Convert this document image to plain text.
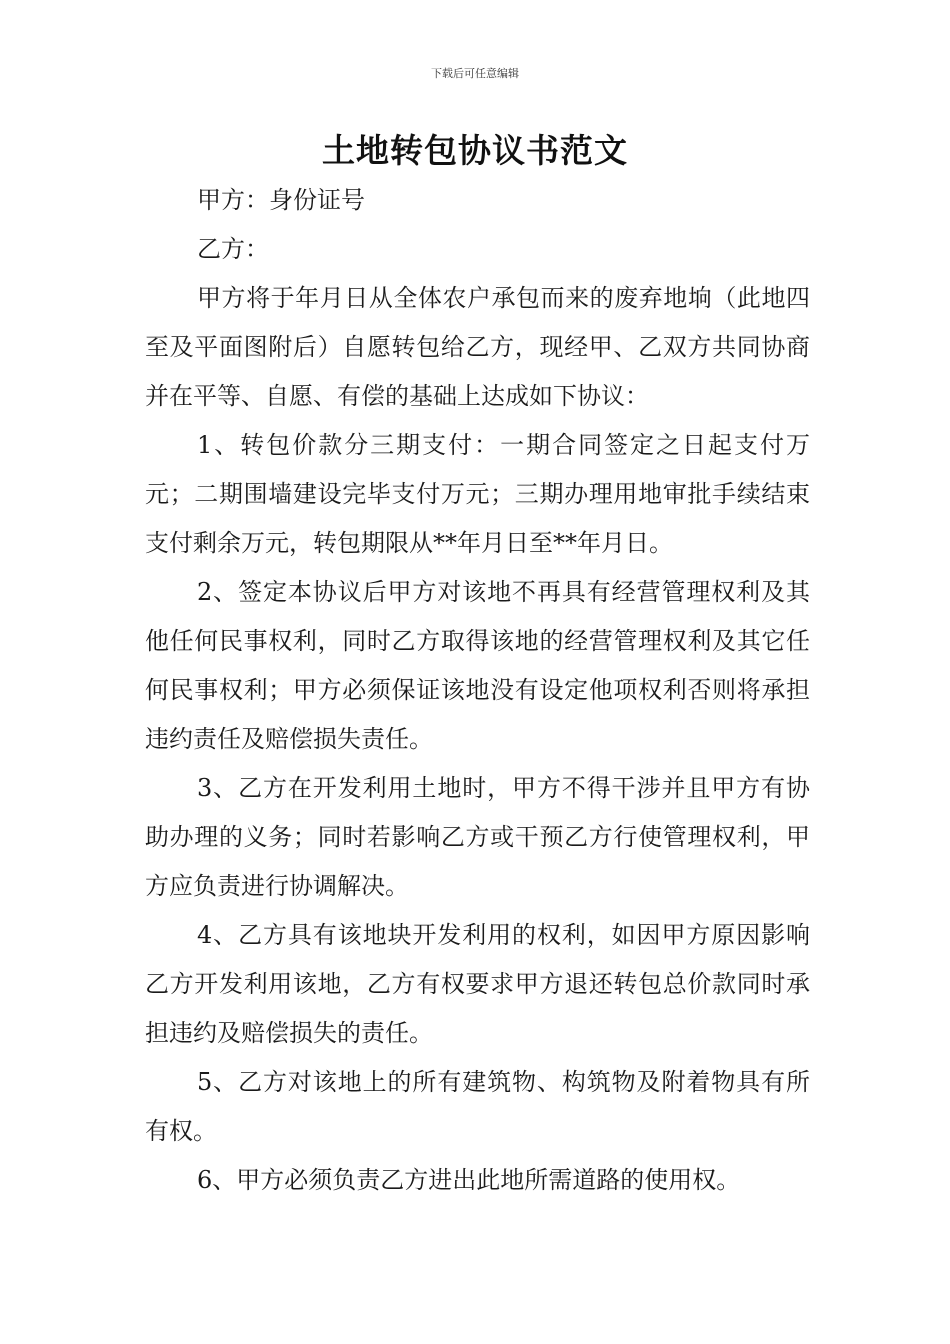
下载后可任意编辑
土地转包协议书范文

甲方：身份证号

乙方：

甲方将于年月日从全体农户承包而来的废弃地垧（此地四至及平面图附后）自愿转包给乙方，现经甲、乙双方共同协商并在平等、自愿、有偿的基础上达成如下协议：

1、转包价款分三期支付：一期合同签定之日起支付万元；二期围墙建设完毕支付万元；三期办理用地审批手续结束支付剩余万元，转包期限从**年月日至**年月日。

2、签定本协议后甲方对该地不再具有经营管理权利及其他任何民事权利，同时乙方取得该地的经营管理权利及其它任何民事权利；甲方必须保证该地没有设定他项权利否则将承担违约责任及赔偿损失责任。

3、乙方在开发利用土地时，甲方不得干涉并且甲方有协助办理的义务；同时若影响乙方或干预乙方行使管理权利，甲方应负责进行协调解决。

4、乙方具有该地块开发利用的权利，如因甲方原因影响乙方开发利用该地，乙方有权要求甲方退还转包总价款同时承担违约及赔偿损失的责任。

5、乙方对该地上的所有建筑物、构筑物及附着物具有所有权。

6、甲方必须负责乙方进出此地所需道路的使用权。
